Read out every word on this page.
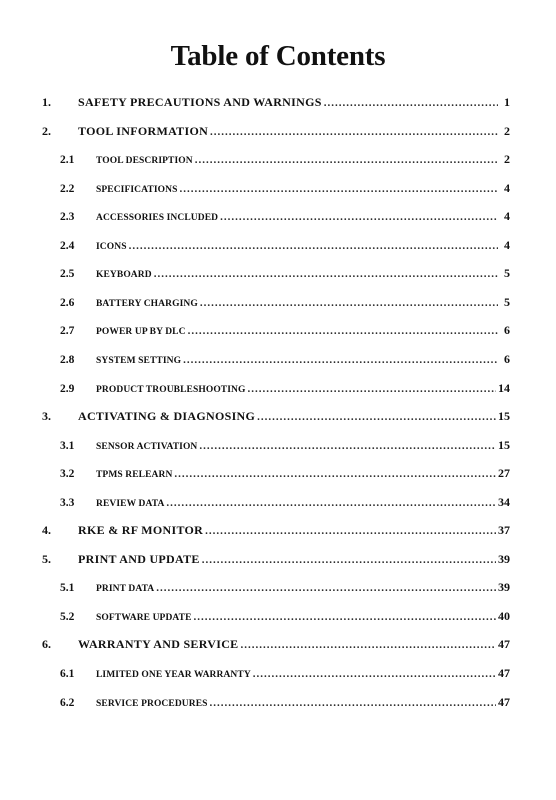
Table of Contents
1.	SAFETY PRECAUTIONS AND WARNINGS .....	1
2.	TOOL INFORMATION .....	2
2.1	TOOL DESCRIPTION .....	2
2.2	SPECIFICATIONS .....	4
2.3	ACCESSORIES INCLUDED .....	4
2.4	ICONS .....	4
2.5	KEYBOARD .....	5
2.6	BATTERY CHARGING .....	5
2.7	POWER UP BY DLC .....	6
2.8	SYSTEM SETTING .....	6
2.9	PRODUCT TROUBLESHOOTING .....	14
3.	ACTIVATING & DIAGNOSING .....	15
3.1	SENSOR ACTIVATION .....	15
3.2	TPMS RELEARN .....	27
3.3	REVIEW DATA .....	34
4.	RKE & RF MONITOR .....	37
5.	PRINT AND UPDATE .....	39
5.1	PRINT DATA .....	39
5.2	SOFTWARE UPDATE .....	40
6.	WARRANTY AND SERVICE .....	47
6.1	LIMITED ONE YEAR WARRANTY .....	47
6.2	SERVICE PROCEDURES .....	47
